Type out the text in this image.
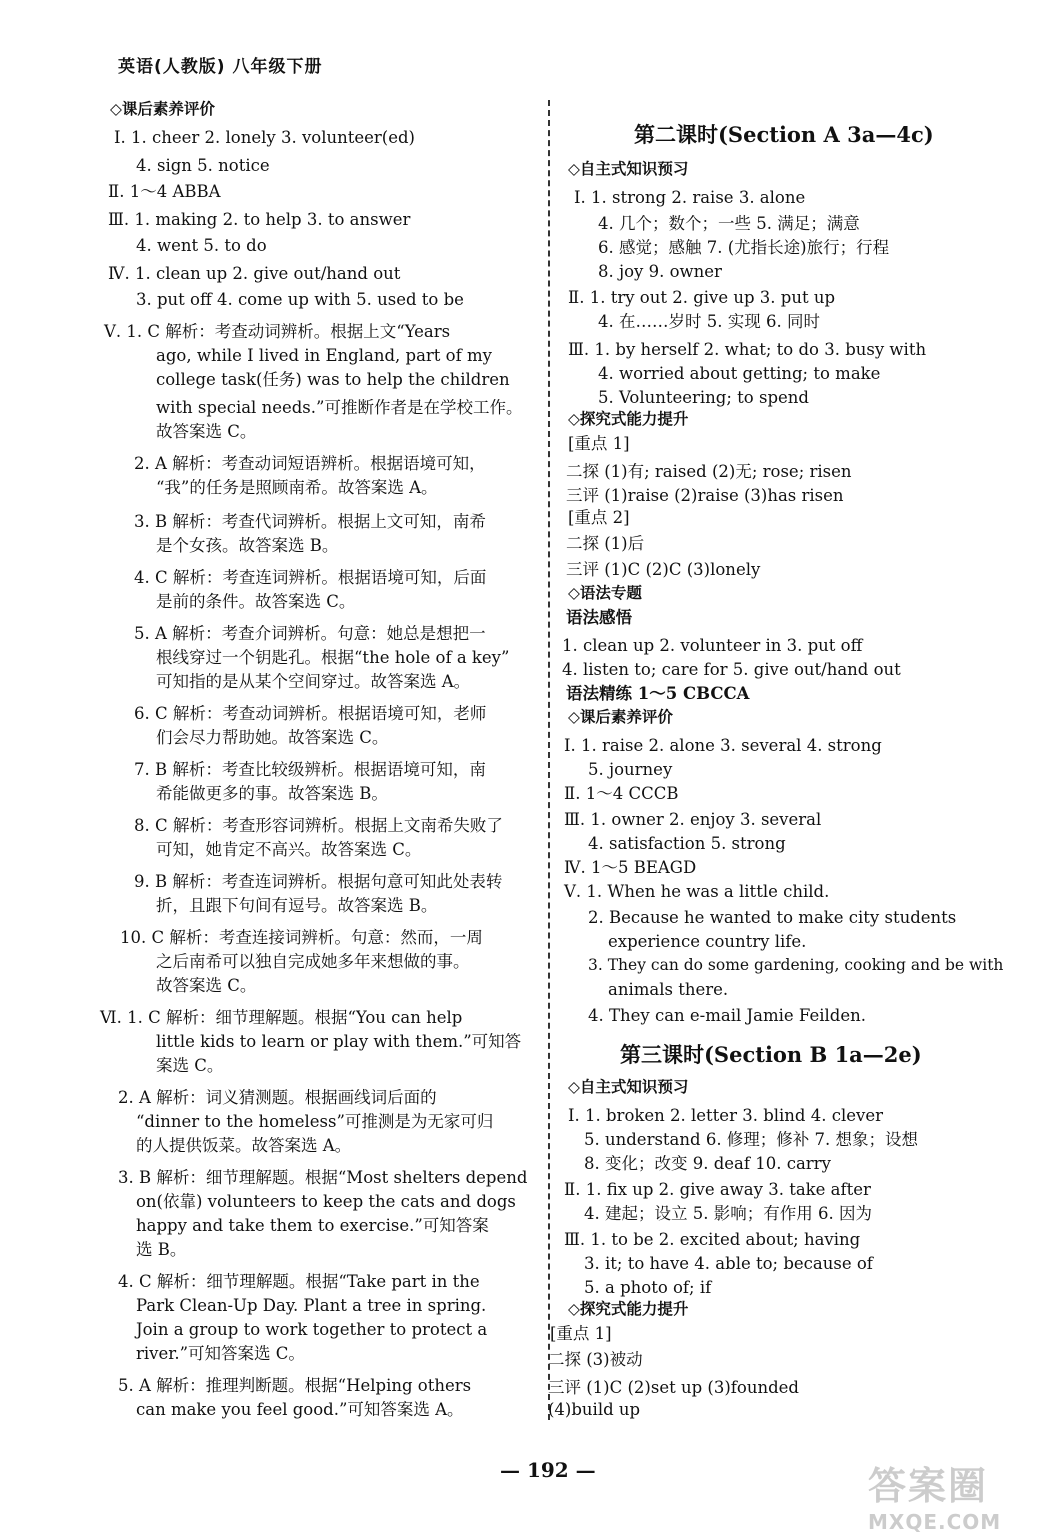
英语(人教版) 八年级下册
◇课后素养评价
Ⅰ. 1. cheer 2. lonely 3. volunteer(ed)
4. sign 5. notice
Ⅱ. 1～4 ABBA
Ⅲ. 1. making 2. to help 3. to answer
4. went 5. to do
Ⅳ. 1. clean up 2. give out/hand out
3. put off 4. come up with 5. used to be
Ⅴ. 1. C 解析：考查动词辨析。根据上文“Years
ago, while I lived in England, part of my
college task(任务) was to help the children
with special needs.”可推断作者是在学校工作。
故答案选 C。
2. A 解析：考查动词短语辨析。根据语境可知，
“我”的任务是照顾南希。故答案选 A。
3. B 解析：考查代词辨析。根据上文可知，南希
是个女孩。故答案选 B。
4. C 解析：考查连词辨析。根据语境可知，后面
是前的条件。故答案选 C。
5. A 解析：考查介词辨析。句意：她总是想把一
根线穿过一个钥匙孔。根据“the hole of a key”
可知指的是从某个空间穿过。故答案选 A。
6. C 解析：考查动词辨析。根据语境可知，老师
们会尽力帮助她。故答案选 C。
7. B 解析：考查比较级辨析。根据语境可知，南
希能做更多的事。故答案选 B。
8. C 解析：考查形容词辨析。根据上文南希失败了
可知，她肯定不高兴。故答案选 C。
9. B 解析：考查连词辨析。根据句意可知此处表转
折，且跟下句间有逗号。故答案选 B。
10. C 解析：考查连接词辨析。句意：然而，一周
之后南希可以独自完成她多年来想做的事。
故答案选 C。
Ⅵ. 1. C 解析：细节理解题。根据“You can help
little kids to learn or play with them.”可知答
案选 C。
2. A 解析：词义猜测题。根据画线词后面的
“dinner to the homeless”可推测是为无家可归
的人提供饭菜。故答案选 A。
3. B 解析：细节理解题。根据“Most shelters depend
on(依靠) volunteers to keep the cats and dogs
happy and take them to exercise.”可知答案
选 B。
4. C 解析：细节理解题。根据“Take part in the
Park Clean-Up Day. Plant a tree in spring.
Join a group to work together to protect a
river.”可知答案选 C。
5. A 解析：推理判断题。根据“Helping others
can make you feel good.”可知答案选 A。
第二课时(Section A 3a—4c)
◇自主式知识预习
Ⅰ. 1. strong 2. raise 3. alone
4. 几个；数个；一些 5. 满足；满意
6. 感觉；感触 7. (尤指长途)旅行；行程
8. joy 9. owner
Ⅱ. 1. try out 2. give up 3. put up
4. 在……岁时 5. 实现 6. 同时
Ⅲ. 1. by herself 2. what; to do 3. busy with
4. worried about getting; to make
5. Volunteering; to spend
◇探究式能力提升
[重点 1]
二探 (1)有; raised (2)无; rose; risen
三评 (1)raise (2)raise (3)has risen
[重点 2]
二探 (1)后
三评 (1)C (2)C (3)lonely
◇语法专题
语法感悟
1. clean up 2. volunteer in 3. put off
4. listen to; care for 5. give out/hand out
语法精练 1～5 CBCCA
◇课后素养评价
Ⅰ. 1. raise 2. alone 3. several 4. strong
5. journey
Ⅱ. 1～4 CCCB
Ⅲ. 1. owner 2. enjoy 3. several
4. satisfaction 5. strong
Ⅳ. 1～5 BEAGD
Ⅴ. 1. When he was a little child.
2. Because he wanted to make city students
experience country life.
3. They can do some gardening, cooking and be with
animals there.
4. They can e-mail Jamie Feilden.
第三课时(Section B 1a—2e)
◇自主式知识预习
Ⅰ. 1. broken 2. letter 3. blind 4. clever
5. understand 6. 修理；修补 7. 想象；设想
8. 变化；改变 9. deaf 10. carry
Ⅱ. 1. fix up 2. give away 3. take after
4. 建起；设立 5. 影响；有作用 6. 因为
Ⅲ. 1. to be 2. excited about; having
3. it; to have 4. able to; because of
5. a photo of; if
◇探究式能力提升
[重点 1]
二探 (3)被动
三评 (1)C (2)set up (3)founded
(4)build up
— 192 —	答案圈
MXQE.COM
